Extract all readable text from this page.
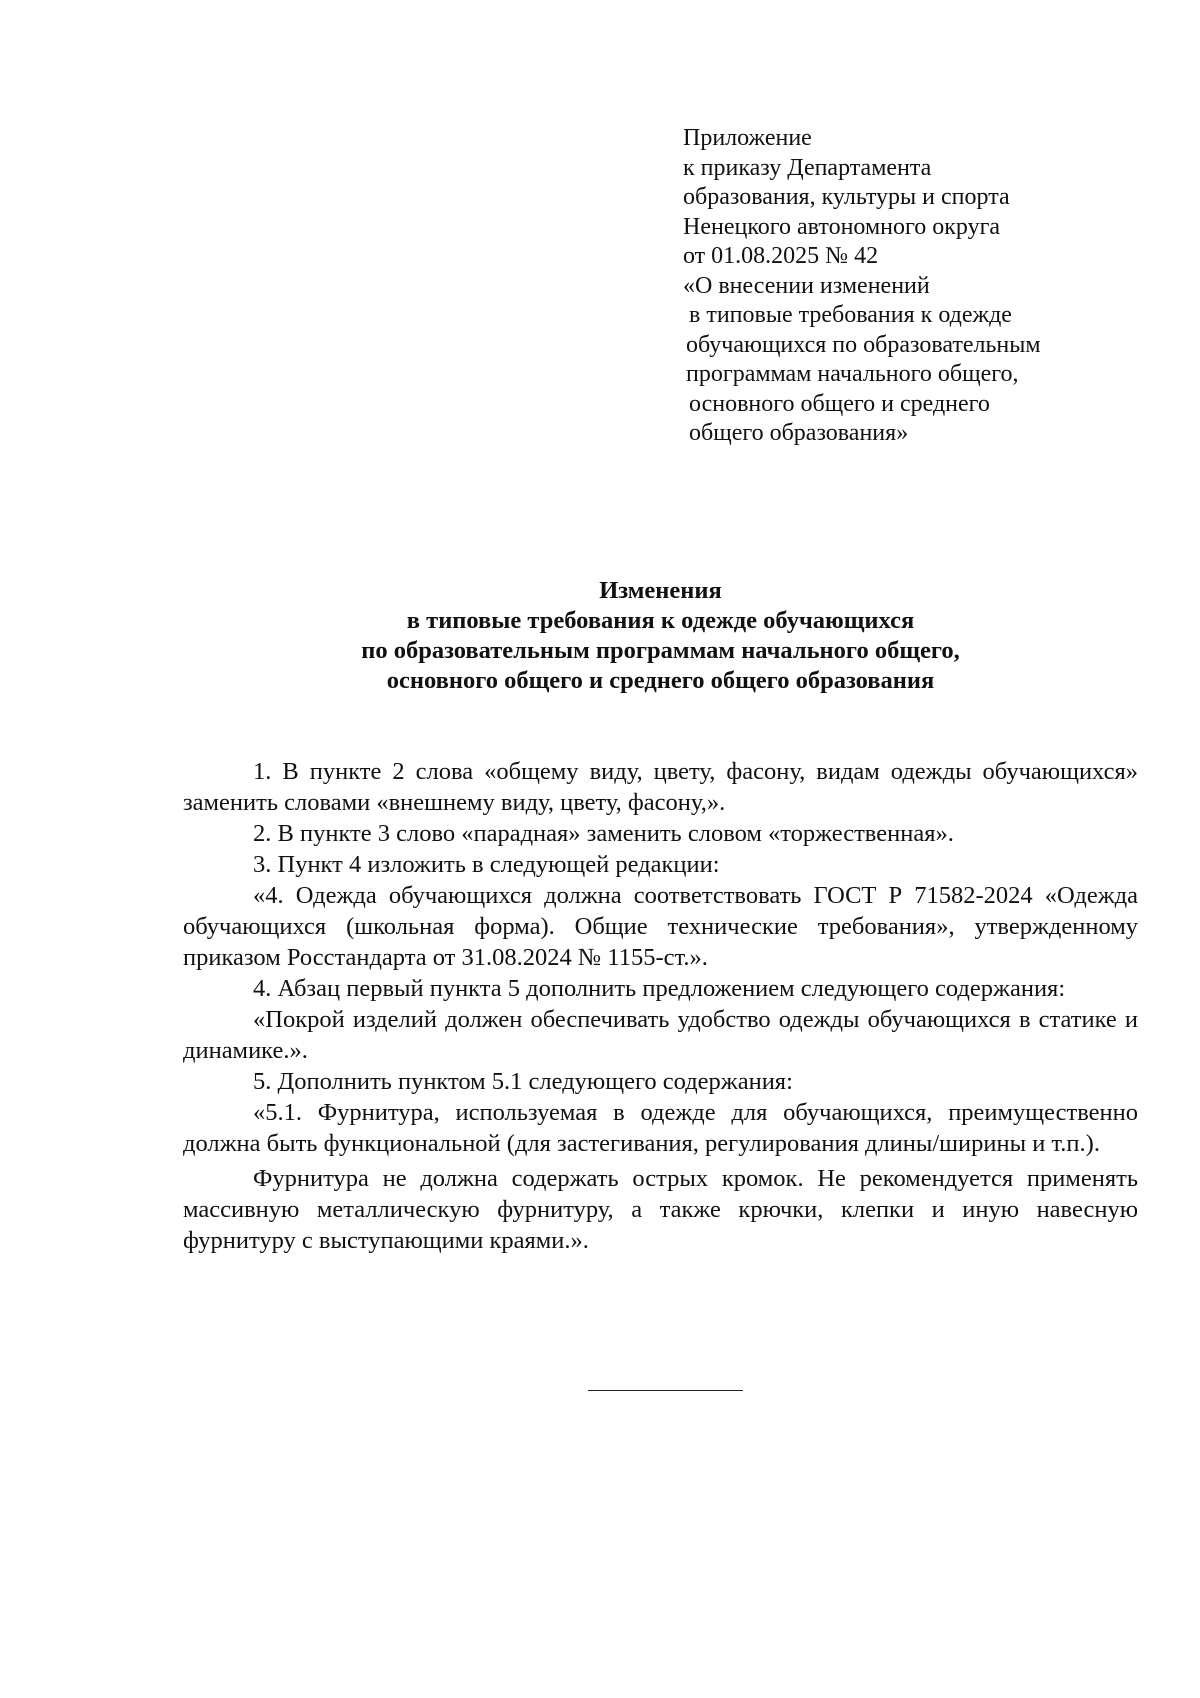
Приложение
к приказу Департамента
образования, культуры и спорта
Ненецкого автономного округа
от 01.08.2025 № 42
«О внесении изменений
в типовые требования к одежде
обучающихся по образовательным
программам начального общего,
основного общего и среднего
общего образования»
Изменения
в типовые требования к одежде обучающихся
по образовательным программам начального общего,
основного общего и среднего общего образования

1. В пункте 2 слова «общему виду, цвету, фасону, видам одежды обучающихся» заменить словами «внешнему виду, цвету, фасону,».

2. В пункте 3 слово «парадная» заменить словом «торжественная».

3. Пункт 4 изложить в следующей редакции:

«4. Одежда обучающихся должна соответствовать ГОСТ Р 71582-2024 «Одежда обучающихся (школьная форма). Общие технические требования», утвержденному приказом Росстандарта от 31.08.2024 № 1155-ст.».

4. Абзац первый пункта 5 дополнить предложением следующего содержания:

«Покрой изделий должен обеспечивать удобство одежды обучающихся в статике и динамике.».

5. Дополнить пунктом 5.1 следующего содержания:

«5.1. Фурнитура, используемая в одежде для обучающихся, преимущественно должна быть функциональной (для застегивания, регулирования длины/ширины и т.п.).

Фурнитура не должна содержать острых кромок. Не рекомендуется применять массивную металлическую фурнитуру, а также крючки, клепки и иную навесную фурнитуру с выступающими краями.».
